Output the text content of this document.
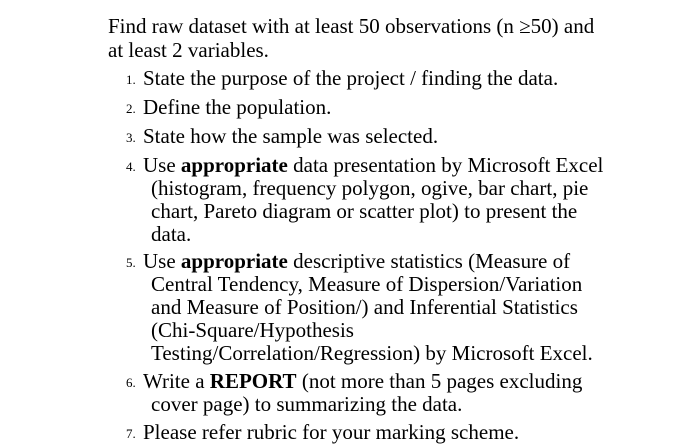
Find raw dataset with at least 50 observations (n ≥50) and
at least 2 variables.
1. State the purpose of the project / finding the data.
2. Define the population.
3. State how the sample was selected.
4. Use appropriate data presentation by Microsoft Excel
(histogram, frequency polygon, ogive, bar chart, pie
chart, Pareto diagram or scatter plot) to present the
data.
5. Use appropriate descriptive statistics (Measure of
Central Tendency, Measure of Dispersion/Variation
and Measure of Position/) and Inferential Statistics
(Chi-Square/Hypothesis
Testing/Correlation/Regression) by Microsoft Excel.
6. Write a REPORT (not more than 5 pages excluding
cover page) to summarizing the data.
7. Please refer rubric for your marking scheme.
